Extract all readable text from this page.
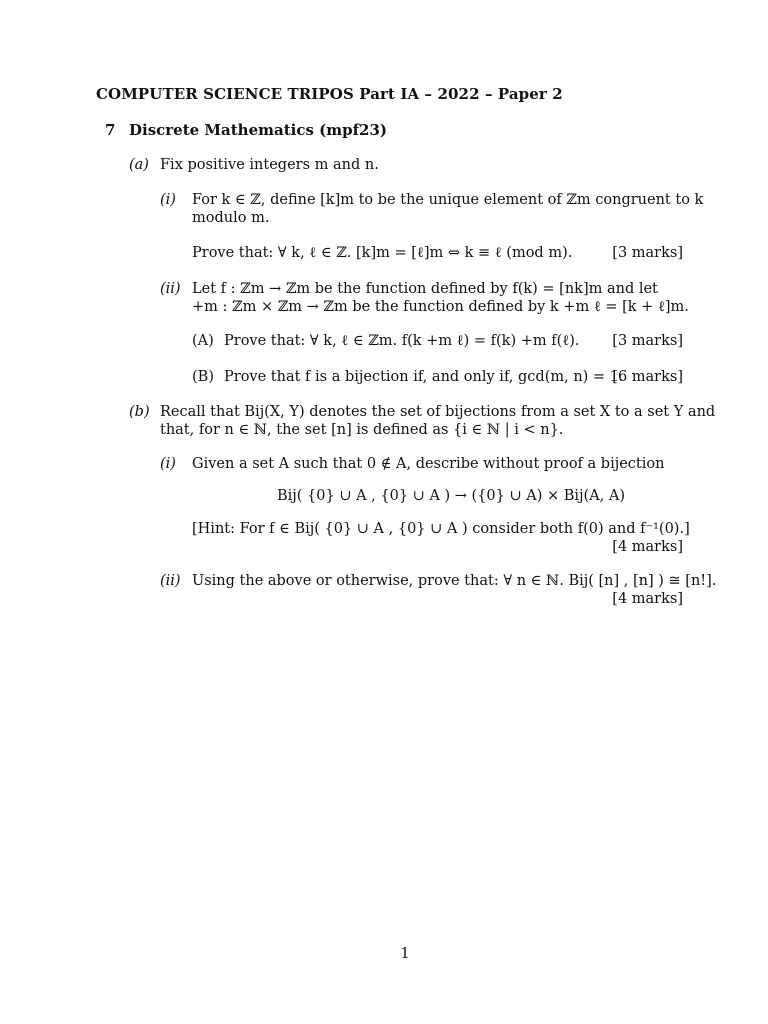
COMPUTER SCIENCE TRIPOS Part IA – 2022 – Paper 2
7 Discrete Mathematics (mpf23)
(a) Fix positive integers m and n.
(i) For k ∈ ℤ, define [k]m to be the unique element of ℤm congruent to k
modulo m.
Prove that: ∀ k, ℓ ∈ ℤ. [k]m = [ℓ]m ⇔ k ≡ ℓ (mod m).	[3 marks]
(ii) Let f : ℤm → ℤm be the function defined by f(k) = [nk]m and let
+m : ℤm × ℤm → ℤm be the function defined by k +m ℓ = [k + ℓ]m.
(A) Prove that: ∀ k, ℓ ∈ ℤm. f(k +m ℓ) = f(k) +m f(ℓ). [3 marks]
(B) Prove that f is a bijection if, and only if, gcd(m, n) = 1.
[6 marks]
(b) Recall that Bij(X, Y) denotes the set of bijections from a set X to a set Y and
that, for n ∈ ℕ, the set [n] is defined as {i ∈ ℕ | i < n}.
(i) Given a set A such that 0 ∉ A, describe without proof a bijection
Bij( {0} ∪ A , {0} ∪ A ) → ({0} ∪ A) × Bij(A, A)
[Hint: For f ∈ Bij( {0} ∪ A , {0} ∪ A ) consider both f(0) and f⁻¹(0).]
[4 marks]
(ii) Using the above or otherwise, prove that: ∀ n ∈ ℕ. Bij( [n] , [n] ) ≅ [n!].
[4 marks]
1
